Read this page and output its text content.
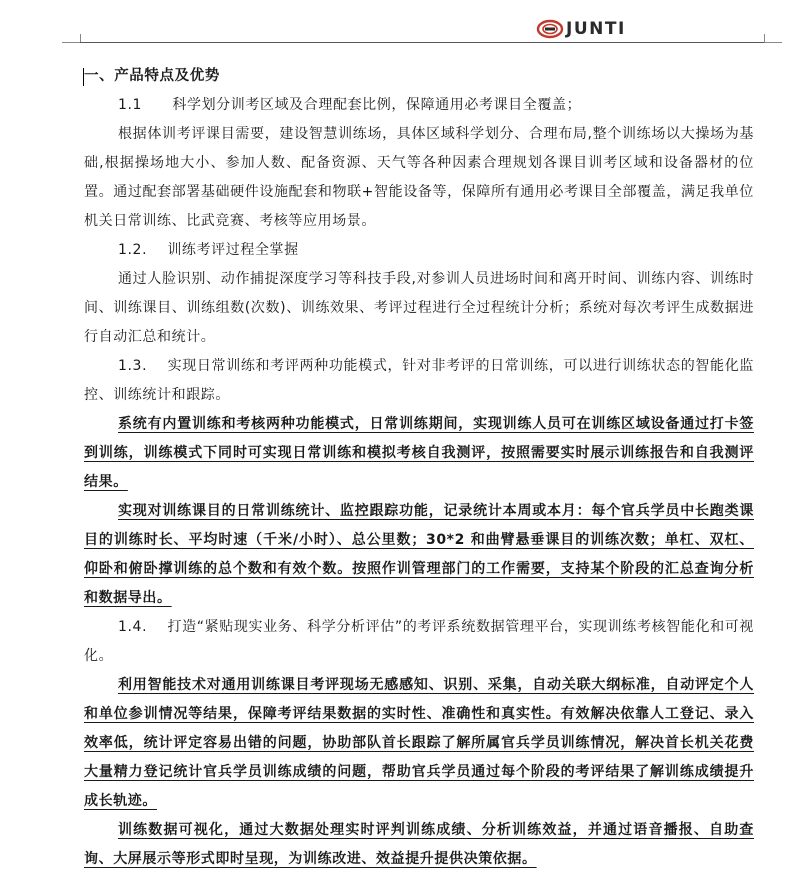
JUNTI

一、产品特点及优势

1.1      科学划分训考区域及合理配套比例，保障通用必考课目全覆盖；

根据体训考评课目需要，建设智慧训练场，具体区域科学划分、合理布局,整个训练场以大操场为基础,根据操场地大小、参加人数、配备资源、天气等各种因素合理规划各课目训考区域和设备器材的位置。通过配套部署基础硬件设施配套和物联+智能设备等，保障所有通用必考课目全部覆盖，满足我单位机关日常训练、比武竞赛、考核等应用场景。

1.2.    训练考评过程全掌握

通过人脸识别、动作捕捉深度学习等科技手段,对参训人员进场时间和离开时间、训练内容、训练时间、训练课目、训练组数(次数)、训练效果、考评过程进行全过程统计分析；系统对每次考评生成数据进行自动汇总和统计。

1.3.    实现日常训练和考评两种功能模式，针对非考评的日常训练，可以进行训练状态的智能化监控、训练统计和跟踪。

系统有内置训练和考核两种功能模式，日常训练期间，实现训练人员可在训练区域设备通过打卡签到训练，训练模式下同时可实现日常训练和模拟考核自我测评，按照需要实时展示训练报告和自我测评结果。

实现对训练课目的日常训练统计、监控跟踪功能，记录统计本周或本月：每个官兵学员中长跑类课目的训练时长、平均时速（千米/小时）、总公里数；30*2 和曲臂悬垂课目的训练次数；单杠、双杠、仰卧和俯卧撑训练的总个数和有效个数。按照作训管理部门的工作需要，支持某个阶段的汇总查询分析和数据导出。

1.4.    打造“紧贴现实业务、科学分析评估”的考评系统数据管理平台，实现训练考核智能化和可视化。

利用智能技术对通用训练课目考评现场无感感知、识别、采集，自动关联大纲标准，自动评定个人和单位参训情况等结果，保障考评结果数据的实时性、准确性和真实性。有效解决依靠人工登记、录入效率低，统计评定容易出错的问题，协助部队首长跟踪了解所属官兵学员训练情况，解决首长机关花费大量精力登记统计官兵学员训练成绩的问题，帮助官兵学员通过每个阶段的考评结果了解训练成绩提升成长轨迹。

训练数据可视化，通过大数据处理实时评判训练成绩、分析训练效益，并通过语音播报、自助查询、大屏展示等形式即时呈现，为训练改进、效益提升提供决策依据。
